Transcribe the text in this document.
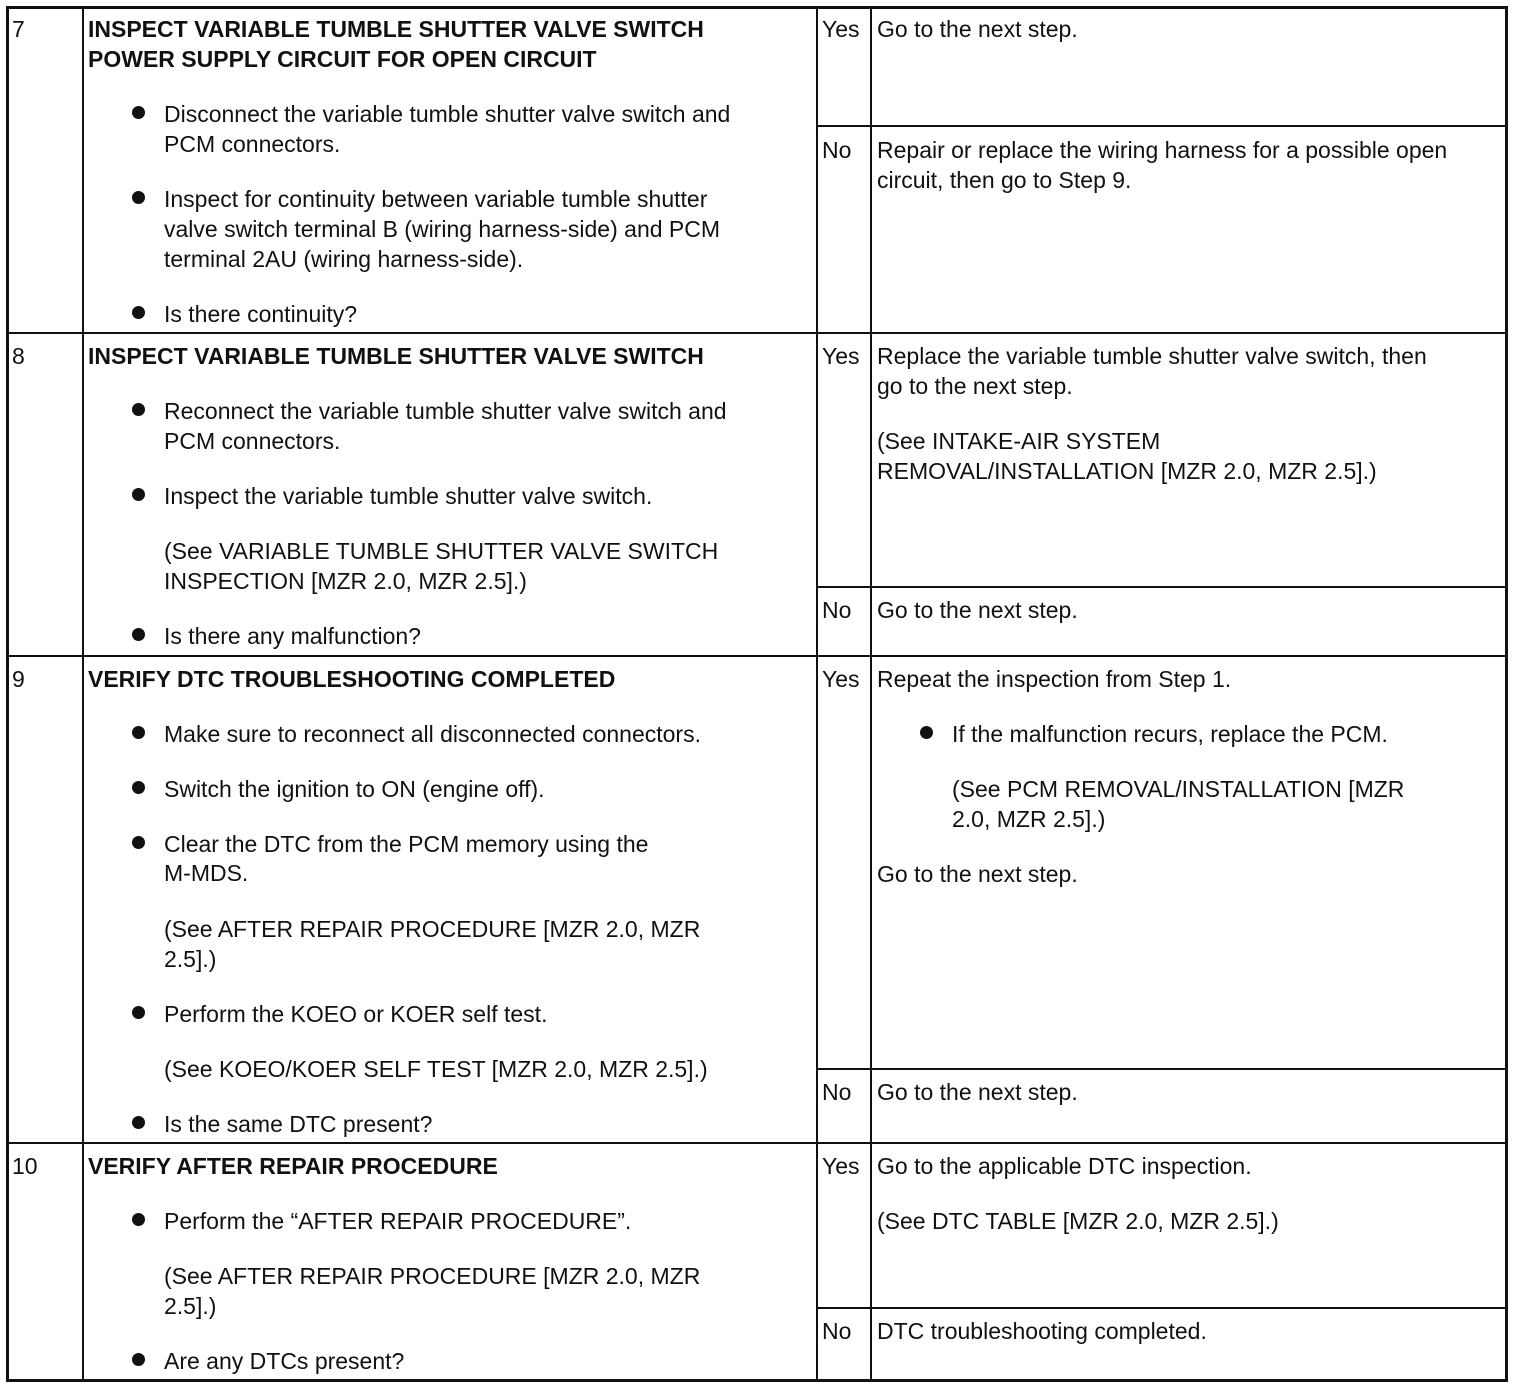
7	INSPECT VARIABLE TUMBLE SHUTTER VALVE SWITCH
POWER SUPPLY CIRCUIT FOR OPEN CIRCUIT
Disconnect the variable tumble shutter valve switch and
PCM connectors.
Inspect for continuity between variable tumble shutter
valve switch terminal B (wiring harness-side) and PCM
terminal 2AU (wiring harness-side).
Is there continuity?
Yes Go to the next step.
No Repair or replace the wiring harness for a possible open
circuit, then go to Step 9.
8	INSPECT VARIABLE TUMBLE SHUTTER VALVE SWITCH
Reconnect the variable tumble shutter valve switch and
PCM connectors.
Inspect the variable tumble shutter valve switch.
(See VARIABLE TUMBLE SHUTTER VALVE SWITCH
INSPECTION [MZR 2.0, MZR 2.5].)
Is there any malfunction?
Yes Replace the variable tumble shutter valve switch, then
go to the next step.
(See INTAKE-AIR SYSTEM
REMOVAL/INSTALLATION [MZR 2.0, MZR 2.5].)
No Go to the next step.
9	VERIFY DTC TROUBLESHOOTING COMPLETED
Make sure to reconnect all disconnected connectors.
Switch the ignition to ON (engine off).
Clear the DTC from the PCM memory using the
M-MDS.
(See AFTER REPAIR PROCEDURE [MZR 2.0, MZR
2.5].)
Perform the KOEO or KOER self test.
(See KOEO/KOER SELF TEST [MZR 2.0, MZR 2.5].)
Is the same DTC present?
Yes Repeat the inspection from Step 1.
If the malfunction recurs, replace the PCM.
(See PCM REMOVAL/INSTALLATION [MZR
2.0, MZR 2.5].)
Go to the next step.
No Go to the next step.
10 VERIFY AFTER REPAIR PROCEDURE
Perform the “AFTER REPAIR PROCEDURE”.
(See AFTER REPAIR PROCEDURE [MZR 2.0, MZR
2.5].)
Are any DTCs present?
Yes Go to the applicable DTC inspection.
(See DTC TABLE [MZR 2.0, MZR 2.5].)
No DTC troubleshooting completed.
